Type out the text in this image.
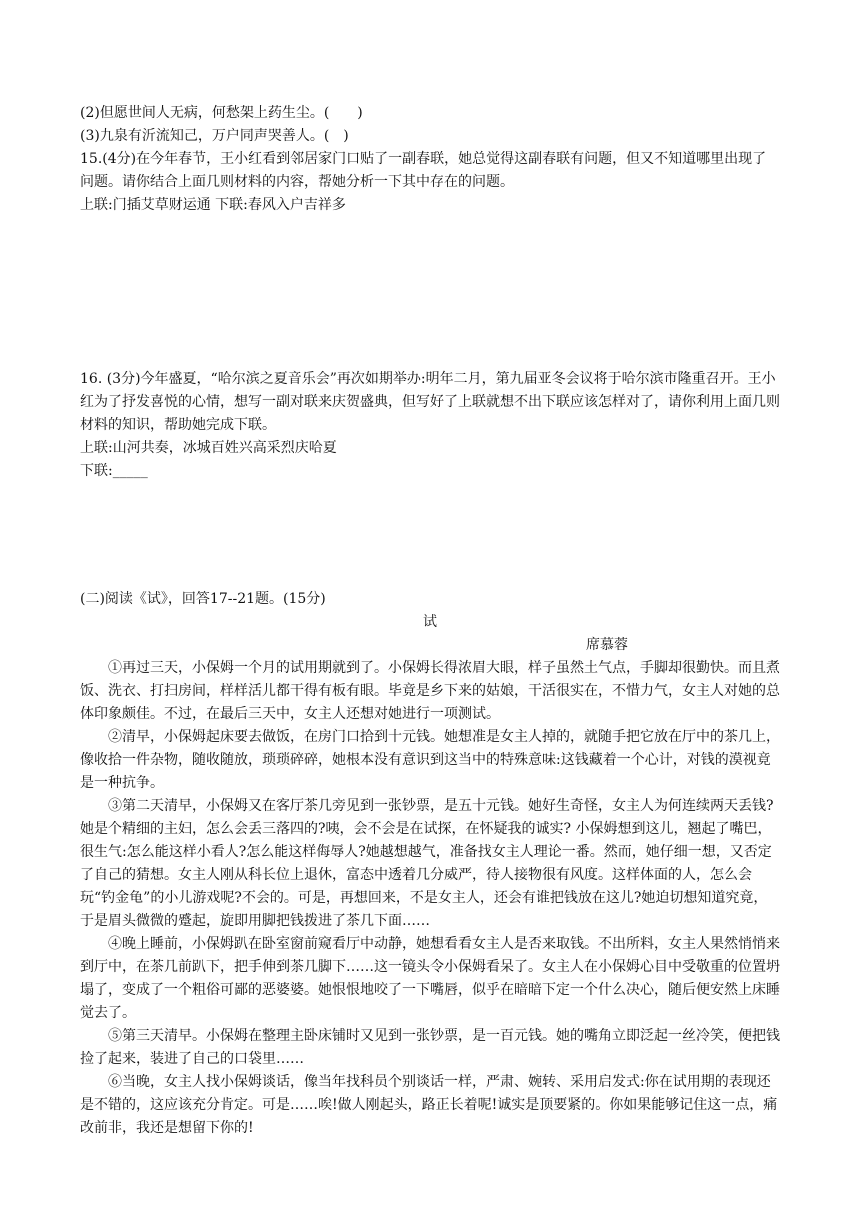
(2)但愿世间人无病，何愁架上药生尘。(　　)

(3)九泉有沂流知己，万户同声哭善人。(　)

15.(4分)在今年春节，王小红看到邻居家门口贴了一副春联，她总觉得这副春联有问题，但又不知道哪里出现了问题。请你结合上面几则材料的内容，帮她分析一下其中存在的问题。

上联:门插艾草财运通 下联:春风入户吉祥多

16. (3分)今年盛夏，“哈尔滨之夏音乐会”再次如期举办:明年二月，第九届亚冬会议将于哈尔滨市隆重召开。王小红为了抒发喜悦的心情，想写一副对联来庆贺盛典，但写好了上联就想不出下联应该怎样对了，请你利用上面几则材料的知识，帮助她完成下联。

上联:山河共奏，冰城百姓兴高采烈庆哈夏

下联:_____

(二)阅读《试》，回答17--21题。(15分)

试

席慕蓉

①再过三天，小保姆一个月的试用期就到了。小保姆长得浓眉大眼，样子虽然土气点，手脚却很勤快。而且煮饭、洗衣、打扫房间，样样活儿都干得有板有眼。毕竟是乡下来的姑娘，干活很实在，不惜力气，女主人对她的总体印象颇佳。不过，在最后三天中，女主人还想对她进行一项测试。

②清早，小保姆起床要去做饭，在房门口拾到十元钱。她想准是女主人掉的，就随手把它放在厅中的茶几上，像收拾一件杂物，随收随放，琐琐碎碎，她根本没有意识到这当中的特殊意味:这钱藏着一个心计，对钱的漠视竟是一种抗争。

③第二天清早，小保姆又在客厅茶几旁见到一张钞票，是五十元钱。她好生奇怪，女主人为何连续两天丢钱?她是个精细的主妇，怎么会丢三落四的?咦，会不会是在试探，在怀疑我的诚实? 小保姆想到这儿，翘起了嘴巴，很生气:怎么能这样小看人?怎么能这样侮辱人?她越想越气，准备找女主人理论一番。然而，她仔细一想，又否定了自己的猜想。女主人刚从科长位上退休，富态中透着几分威严，待人接物很有风度。这样体面的人，怎么会玩“钓金龟”的小儿游戏呢?不会的。可是，再想回来，不是女主人，还会有谁把钱放在这儿?她迫切想知道究竟，于是眉头微微的蹙起，旋即用脚把钱拨进了茶几下面……

④晚上睡前，小保姆趴在卧室窗前窥看厅中动静，她想看看女主人是否来取钱。不出所料，女主人果然悄悄来到厅中，在茶几前趴下，把手伸到茶几脚下……这一镜头令小保姆看呆了。女主人在小保姆心目中受敬重的位置坍塌了，变成了一个粗俗可鄙的恶婆婆。她恨恨地咬了一下嘴唇，似乎在暗暗下定一个什么决心，随后便安然上床睡觉去了。

⑤第三天清早。小保姆在整理主卧床铺时又见到一张钞票，是一百元钱。她的嘴角立即泛起一丝冷笑，便把钱捡了起来，装进了自己的口袋里……

⑥当晚，女主人找小保姆谈话，像当年找科员个别谈话一样，严肃、婉转、采用启发式:你在试用期的表现还是不错的，这应该充分肯定。可是……唉!做人刚起头，路正长着呢!诚实是顶要紧的。你如果能够记住这一点，痛改前非，我还是想留下你的!
